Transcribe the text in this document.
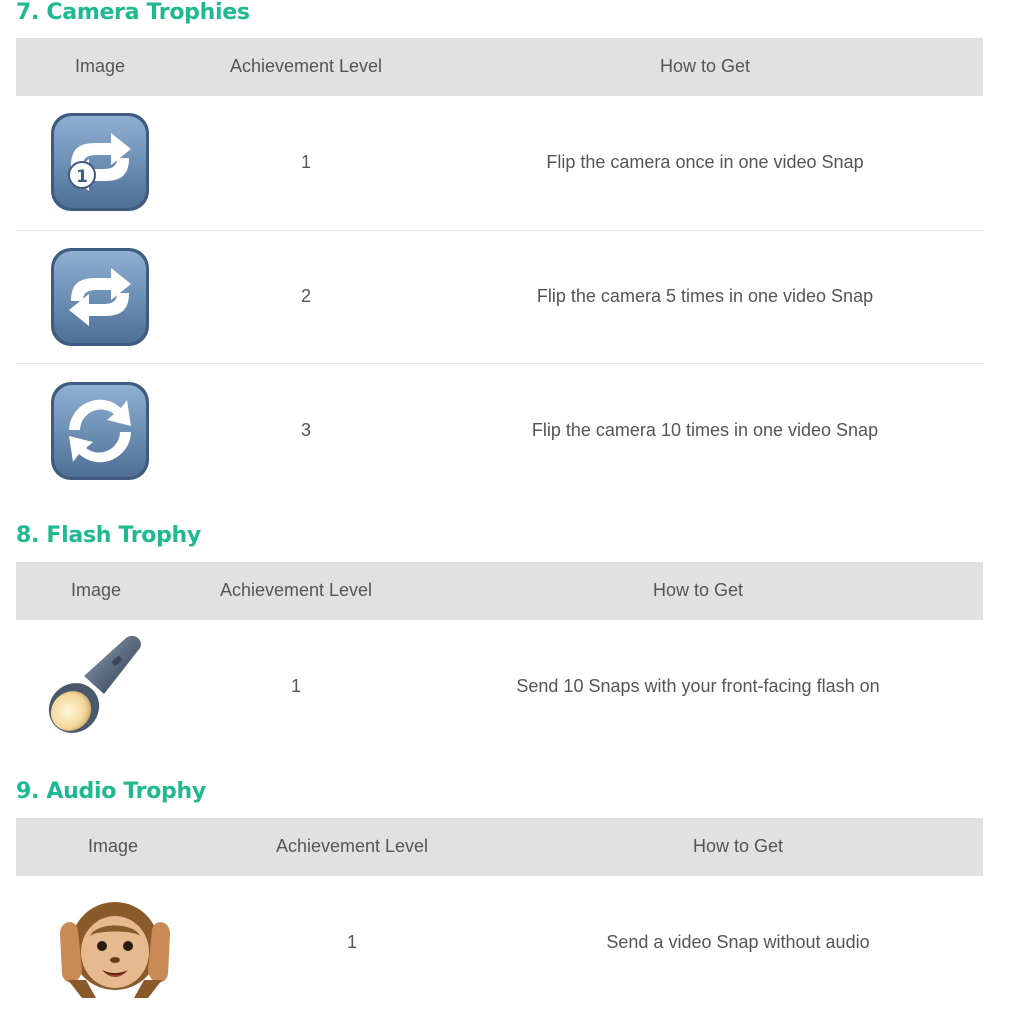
7. Camera Trophies
Image	Achievement Level	How to Get
1
1	Flip the camera once in one video Snap
2	Flip the camera 5 times in one video Snap
3	Flip the camera 10 times in one video Snap
8. Flash Trophy
Image	Achievement Level	How to Get
1	Send 10 Snaps with your front-facing flash on
9. Audio Trophy
Image	Achievement Level	How to Get
1	Send a video Snap without audio
